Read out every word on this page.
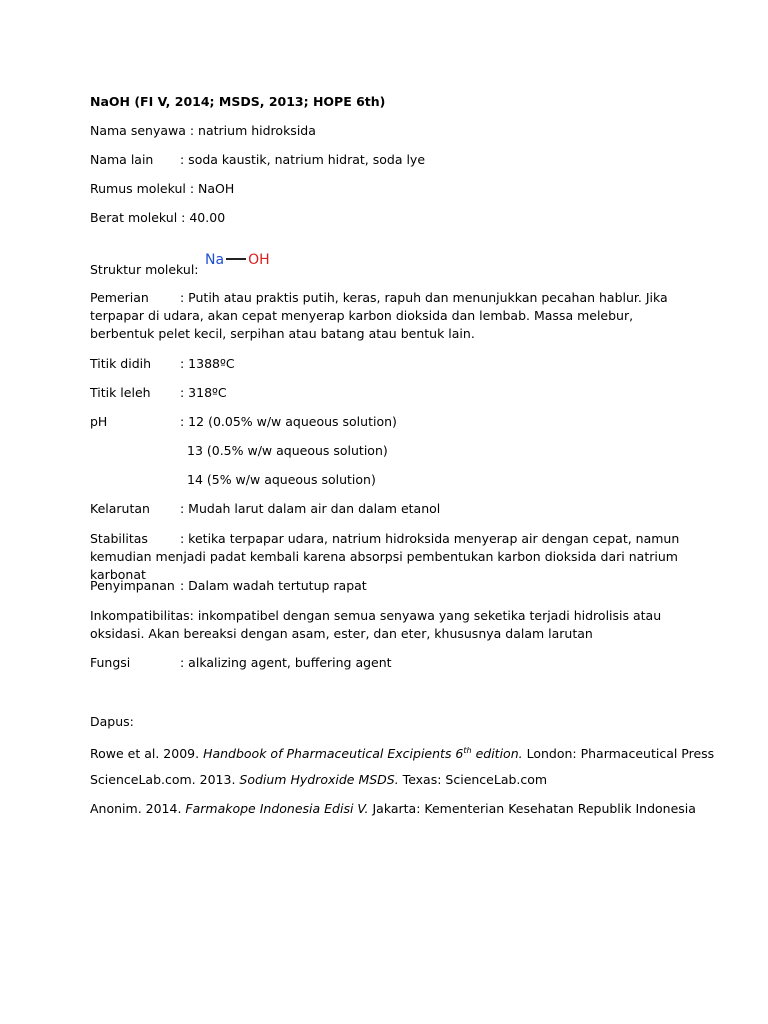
NaOH (FI V, 2014; MSDS, 2013; HOPE 6th)
Nama senyawa : natrium hidroksida
Nama lain : soda kaustik, natrium hidrat, soda lye
Rumus molekul : NaOH
Berat molekul : 40.00
Struktur molekul:
Na OH
Pemerian : Putih atau praktis putih, keras, rapuh dan menunjukkan pecahan hablur. Jika terpapar di udara, akan cepat menyerap karbon dioksida dan lembab. Massa melebur, berbentuk pelet kecil, serpihan atau batang atau bentuk lain.
Titik didih : 1388ºC
Titik leleh : 318ºC
pH	: 12 (0.05% w/w aqueous solution)
13 (0.5% w/w aqueous solution)
14 (5% w/w aqueous solution)
Kelarutan : Mudah larut dalam air dan dalam etanol
Stabilitas	: ketika terpapar udara, natrium hidroksida menyerap air dengan cepat, namun kemudian menjadi padat kembali karena absorpsi pembentukan karbon dioksida dari natrium karbonat
Penyimpanan : Dalam wadah tertutup rapat
Inkompatibilitas: inkompatibel dengan semua senyawa yang seketika terjadi hidrolisis atau oksidasi. Akan bereaksi dengan asam, ester, dan eter, khususnya dalam larutan
Fungsi	: alkalizing agent, buffering agent
Dapus:
Rowe et al. 2009. Handbook of Pharmaceutical Excipients 6th edition. London: Pharmaceutical Press
ScienceLab.com. 2013. Sodium Hydroxide MSDS. Texas: ScienceLab.com
Anonim. 2014. Farmakope Indonesia Edisi V. Jakarta: Kementerian Kesehatan Republik Indonesia
